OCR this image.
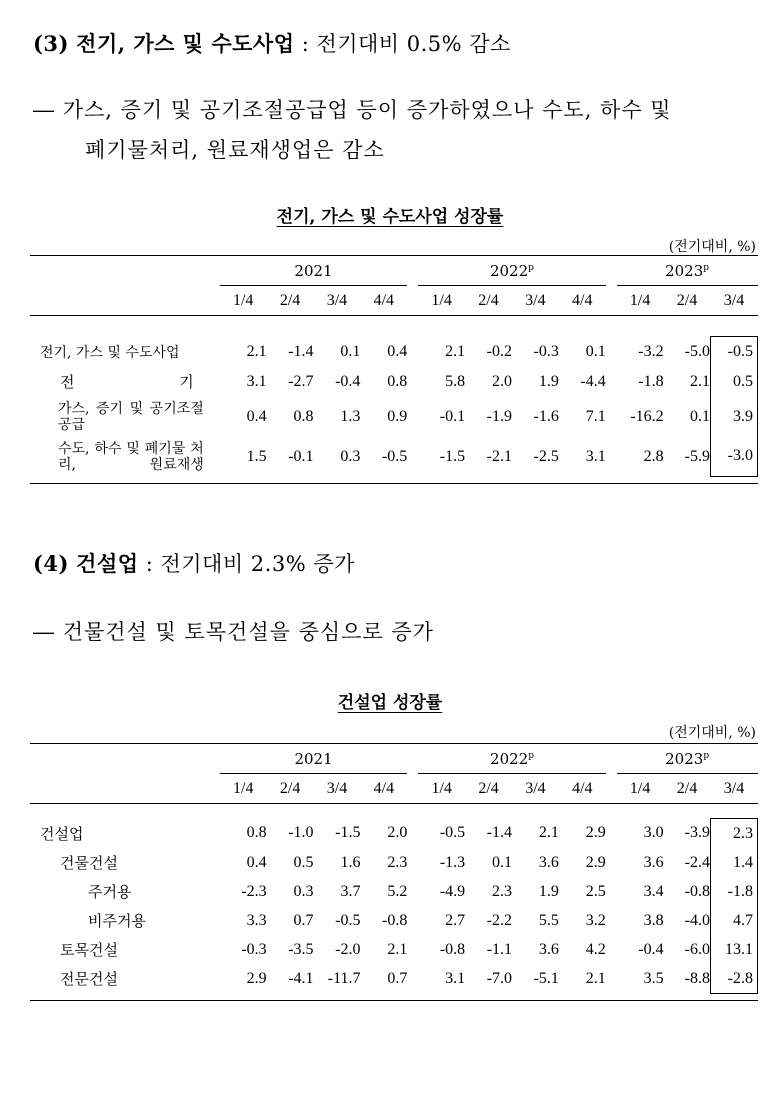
(3) 전기, 가스 및 수도사업 : 전기대비 0.5% 감소
― 가스, 증기 및 공기조절공급업 등이 증가하였으나 수도, 하수 및
폐기물처리, 원료재생업은 감소
전기, 가스 및 수도사업 성장률
(전기대비, %)
	2021					2022$^p$					2023$^p$
	1/4	2/4	3/4	4/4		1/4	2/4	3/4	4/4		1/4	2/4	3/4

전기, 가스 및 수도사업	2.1	-1.4	0.1	0.4		2.1	-0.2	-0.3	0.1		-3.2	-5.0	-0.5
전 기	3.1	-2.7	-0.4	0.8		5.8	2.0	1.9	-4.4		-1.8	2.1	0.5
가스, 증기 및 공기조절공급	0.4	0.8	1.3	0.9		-0.1	-1.9	-1.6	7.1		-16.2	0.1	3.9
수도, 하수 및 폐기물 처리, 원료재생	1.5	-0.1	0.3	-0.5		-1.5	-2.1	-2.5	3.1		2.8	-5.9	-3.0

(4) 건설업 : 전기대비 2.3% 증가
― 건물건설 및 토목건설을 중심으로 증가
건설업 성장률
(전기대비, %)
	2021					2022$^p$					2023$^p$
	1/4	2/4	3/4	4/4		1/4	2/4	3/4	4/4		1/4	2/4	3/4

건설업	0.8	-1.0	-1.5	2.0		-0.5	-1.4	2.1	2.9		3.0	-3.9	2.3
건물건설	0.4	0.5	1.6	2.3		-1.3	0.1	3.6	2.9		3.6	-2.4	1.4
주거용	-2.3	0.3	3.7	5.2		-4.9	2.3	1.9	2.5		3.4	-0.8	-1.8
비주거용	3.3	0.7	-0.5	-0.8		2.7	-2.2	5.5	3.2		3.8	-4.0	4.7
토목건설	-0.3	-3.5	-2.0	2.1		-0.8	-1.1	3.6	4.2		-0.4	-6.0	13.1
전문건설	2.9	-4.1	-11.7	0.7		3.1	-7.0	-5.1	2.1		3.5	-8.8	-2.8
